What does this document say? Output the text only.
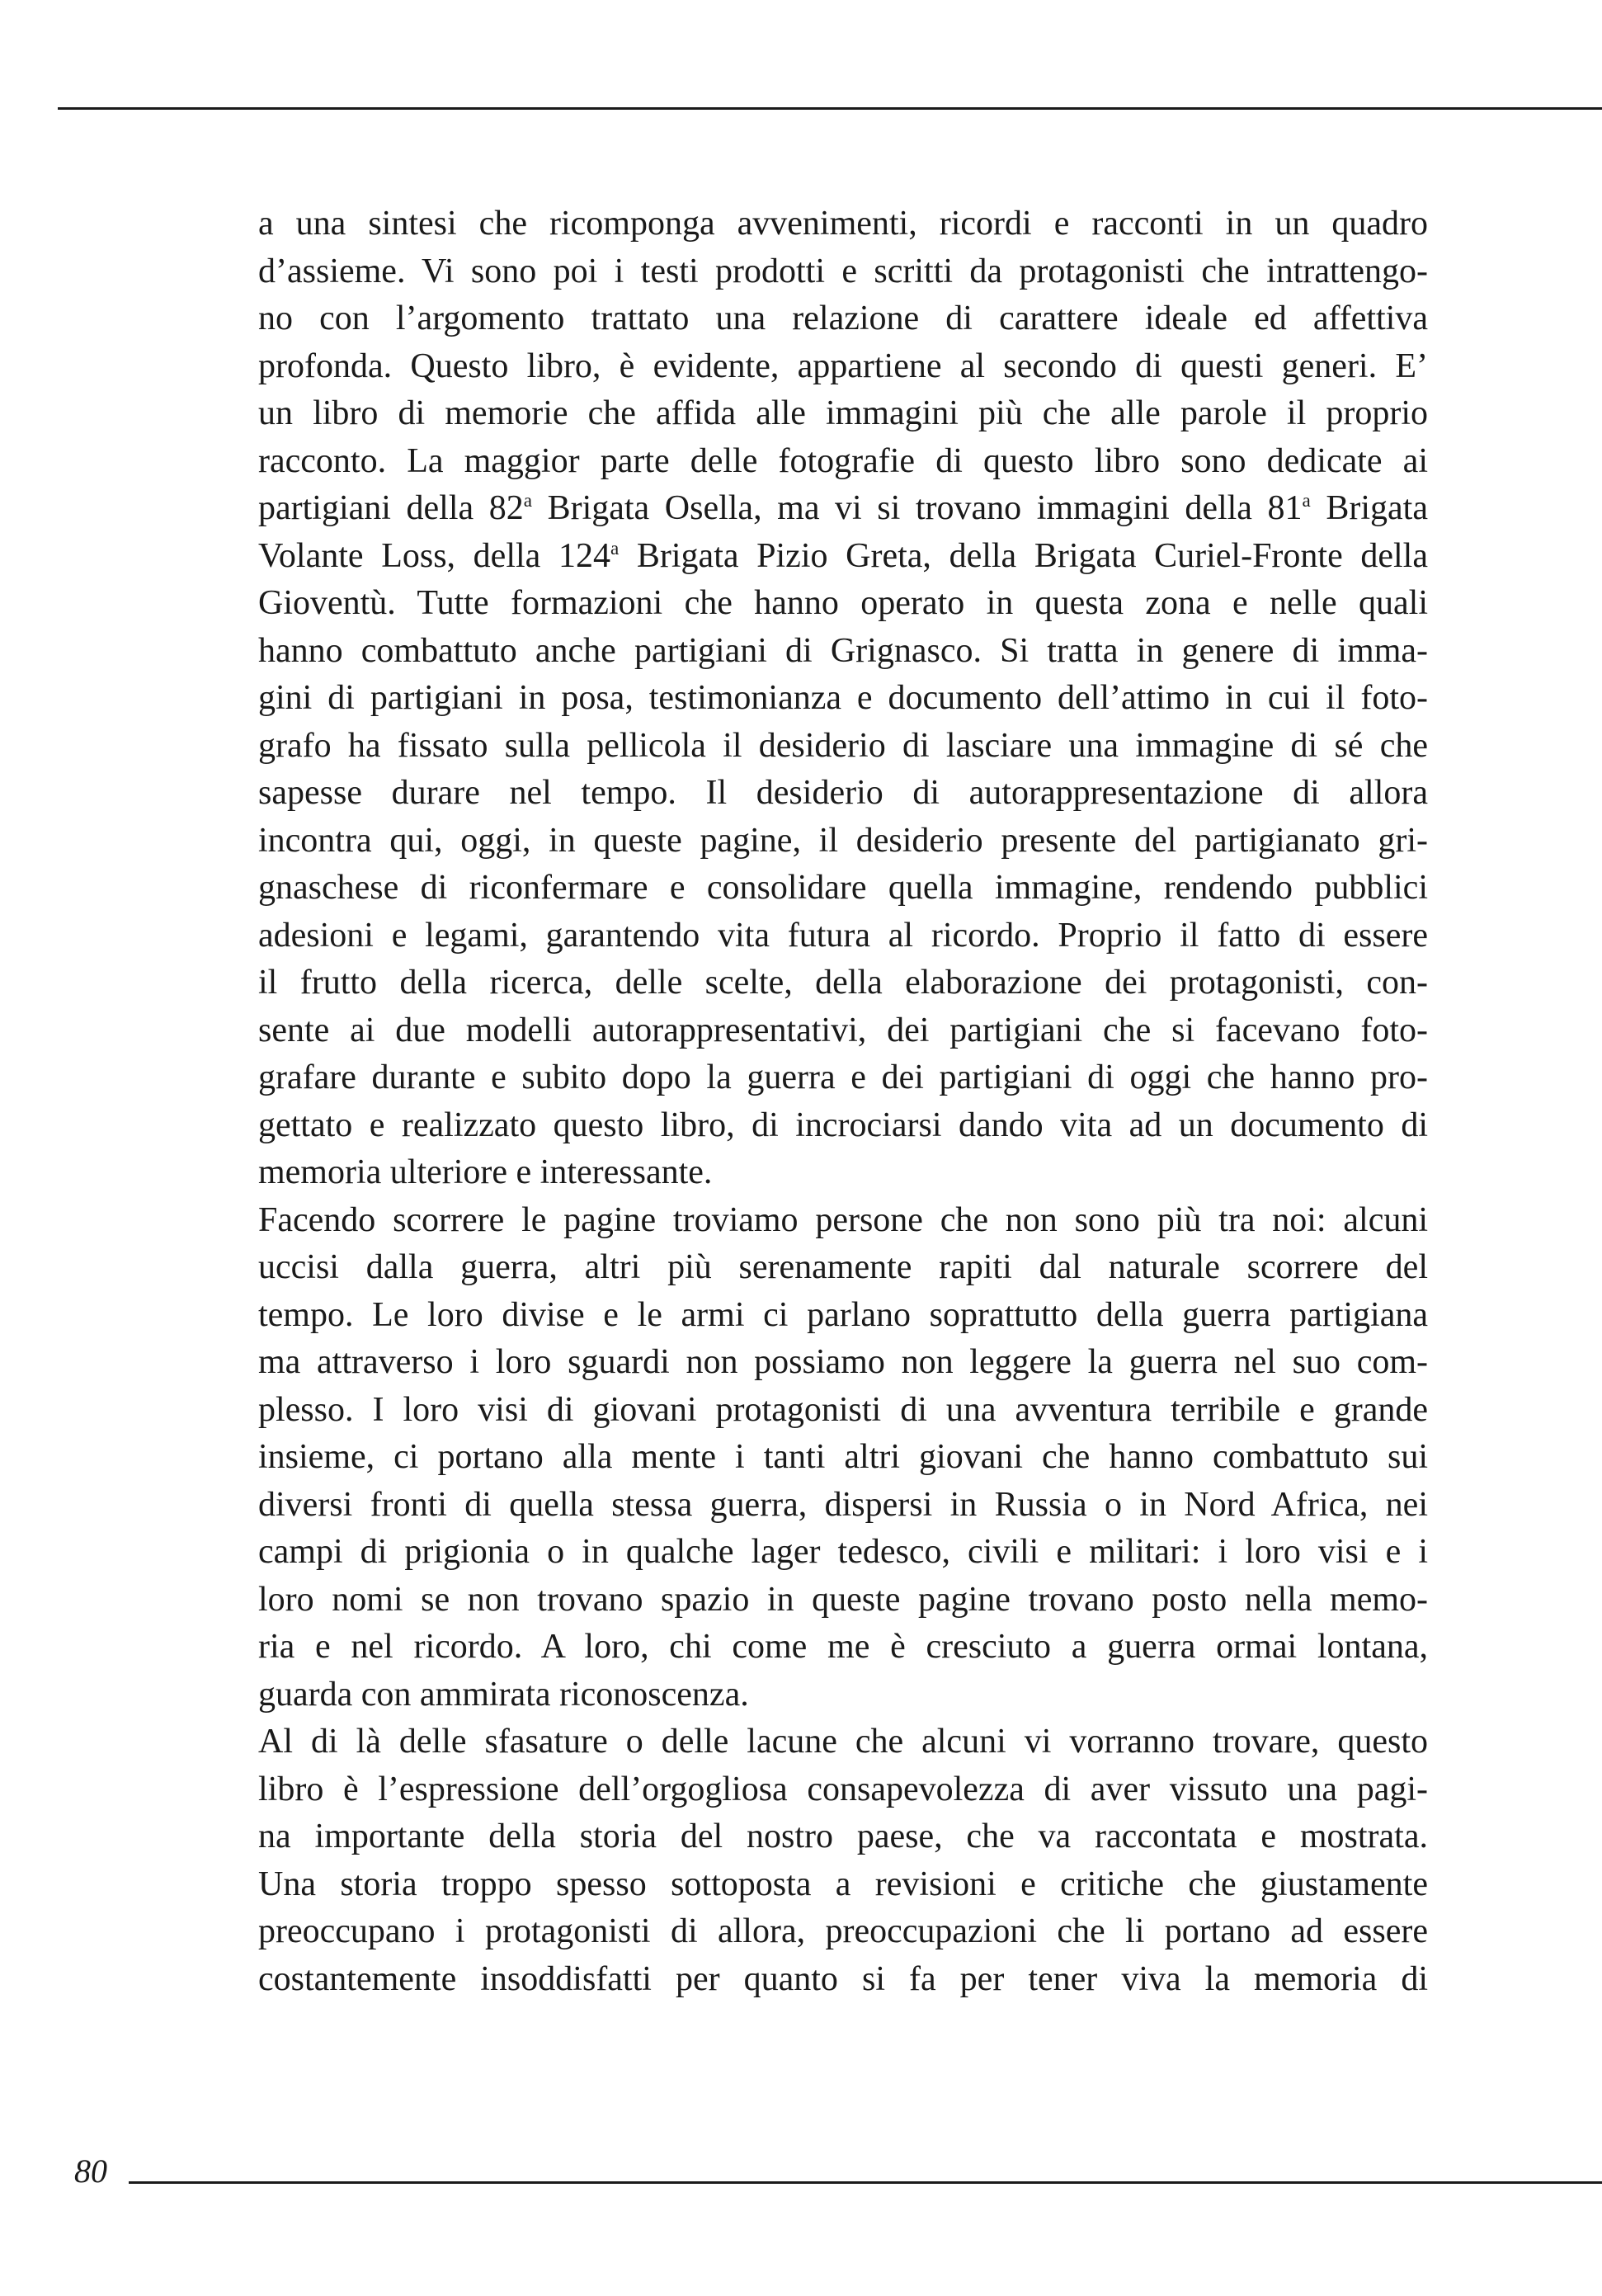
a una sintesi che ricomponga avvenimenti, ricordi e racconti in un quadro
d’assieme. Vi sono poi i testi prodotti e scritti da protagonisti che intrattengo-
no con l’argomento trattato una relazione di carattere ideale ed affettiva
profonda. Questo libro, è evidente, appartiene al secondo di questi generi. E’
un libro di memorie che affida alle immagini più che alle parole il proprio
racconto. La maggior parte delle fotografie di questo libro sono dedicate ai
partigiani della 82$^a$ Brigata Osella, ma vi si trovano immagini della 81$^a$ Brigata
Volante Loss, della 124$^a$ Brigata Pizio Greta, della Brigata Curiel-Fronte della
Gioventù. Tutte formazioni che hanno operato in questa zona e nelle quali
hanno combattuto anche partigiani di Grignasco. Si tratta in genere di imma-
gini di partigiani in posa, testimonianza e documento dell’attimo in cui il foto-
grafo ha fissato sulla pellicola il desiderio di lasciare una immagine di sé che
sapesse durare nel tempo. Il desiderio di autorappresentazione di allora
incontra qui, oggi, in queste pagine, il desiderio presente del partigianato gri-
gnaschese di riconfermare e consolidare quella immagine, rendendo pubblici
adesioni e legami, garantendo vita futura al ricordo. Proprio il fatto di essere
il frutto della ricerca, delle scelte, della elaborazione dei protagonisti, con-
sente ai due modelli autorappresentativi, dei partigiani che si facevano foto-
grafare durante e subito dopo la guerra e dei partigiani di oggi che hanno pro-
gettato e realizzato questo libro, di incrociarsi dando vita ad un documento di
memoria ulteriore e interessante.
Facendo scorrere le pagine troviamo persone che non sono più tra noi: alcuni
uccisi dalla guerra, altri più serenamente rapiti dal naturale scorrere del
tempo. Le loro divise e le armi ci parlano soprattutto della guerra partigiana
ma attraverso i loro sguardi non possiamo non leggere la guerra nel suo com-
plesso. I loro visi di giovani protagonisti di una avventura terribile e grande
insieme, ci portano alla mente i tanti altri giovani che hanno combattuto sui
diversi fronti di quella stessa guerra, dispersi in Russia o in Nord Africa, nei
campi di prigionia o in qualche lager tedesco, civili e militari: i loro visi e i
loro nomi se non trovano spazio in queste pagine trovano posto nella memo-
ria e nel ricordo. A loro, chi come me è cresciuto a guerra ormai lontana,
guarda con ammirata riconoscenza.
Al di là delle sfasature o delle lacune che alcuni vi vorranno trovare, questo
libro è l’espressione dell’orgogliosa consapevolezza di aver vissuto una pagi-
na importante della storia del nostro paese, che va raccontata e mostrata.
Una storia troppo spesso sottoposta a revisioni e critiche che giustamente
preoccupano i protagonisti di allora, preoccupazioni che li portano ad essere
costantemente insoddisfatti per quanto si fa per tener viva la memoria di
80
